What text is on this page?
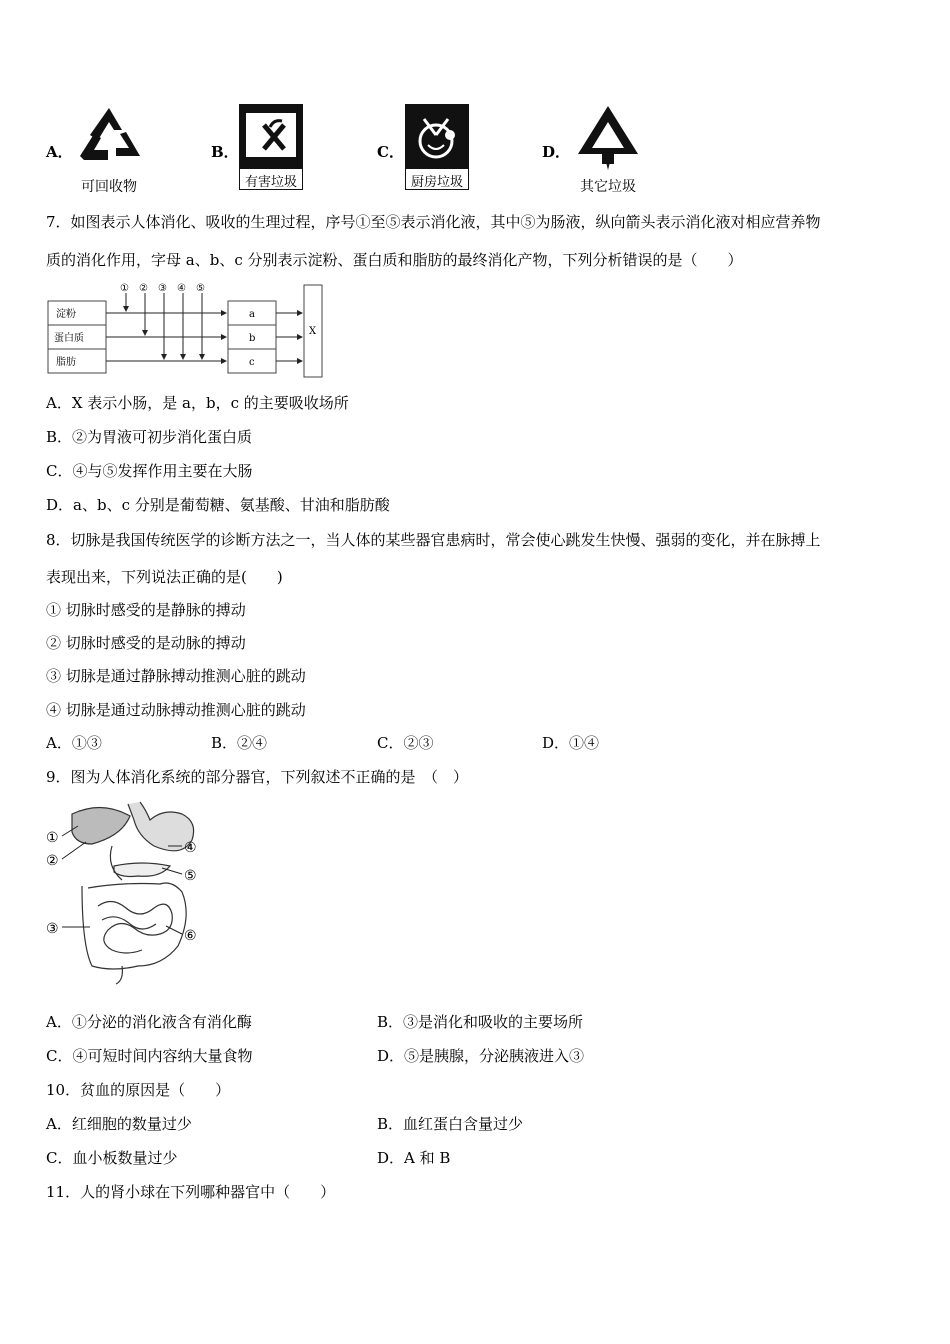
A．
可回收物
B．
有害垃圾
C．
厨房垃圾
D．
其它垃圾
7．如图表示人体消化、吸收的生理过程，序号①至⑤表示消化液，其中⑤为肠液，纵向箭头表示消化液对相应营养物
质的消化作用，字母 a、b、c 分别表示淀粉、蛋白质和脂肪的最终消化产物，下列分析错误的是（　　）
① ② ③ ④ ⑤
淀粉
蛋白质
脂肪
a
b
c
X
A．X 表示小肠，是 a，b，c 的主要吸收场所
B．②为胃液可初步消化蛋白质
C．④与⑤发挥作用主要在大肠
D．a、b、c 分别是葡萄糖、氨基酸、甘油和脂肪酸
8．切脉是我国传统医学的诊断方法之一，当人体的某些器官患病时，常会使心跳发生快慢、强弱的变化，并在脉搏上
表现出来，下列说法正确的是(　　)
① 切脉时感受的是静脉的搏动
② 切脉时感受的是动脉的搏动
③ 切脉是通过静脉搏动推测心脏的跳动
④ 切脉是通过动脉搏动推测心脏的跳动
A．①③	B．②④	C．②③	D．①④
9．图为人体消化系统的部分器官，下列叙述不正确的是　（　）
①
②
③
④
⑤
⑥
A．①分泌的消化液含有消化酶	B．③是消化和吸收的主要场所
C．④可短时间内容纳大量食物	D．⑤是胰腺，分泌胰液进入③
10．贫血的原因是（　　）
A．红细胞的数量过少	B．血红蛋白含量过少
C．血小板数量过少	D．A 和 B
11．人的肾小球在下列哪种器官中（　　）
